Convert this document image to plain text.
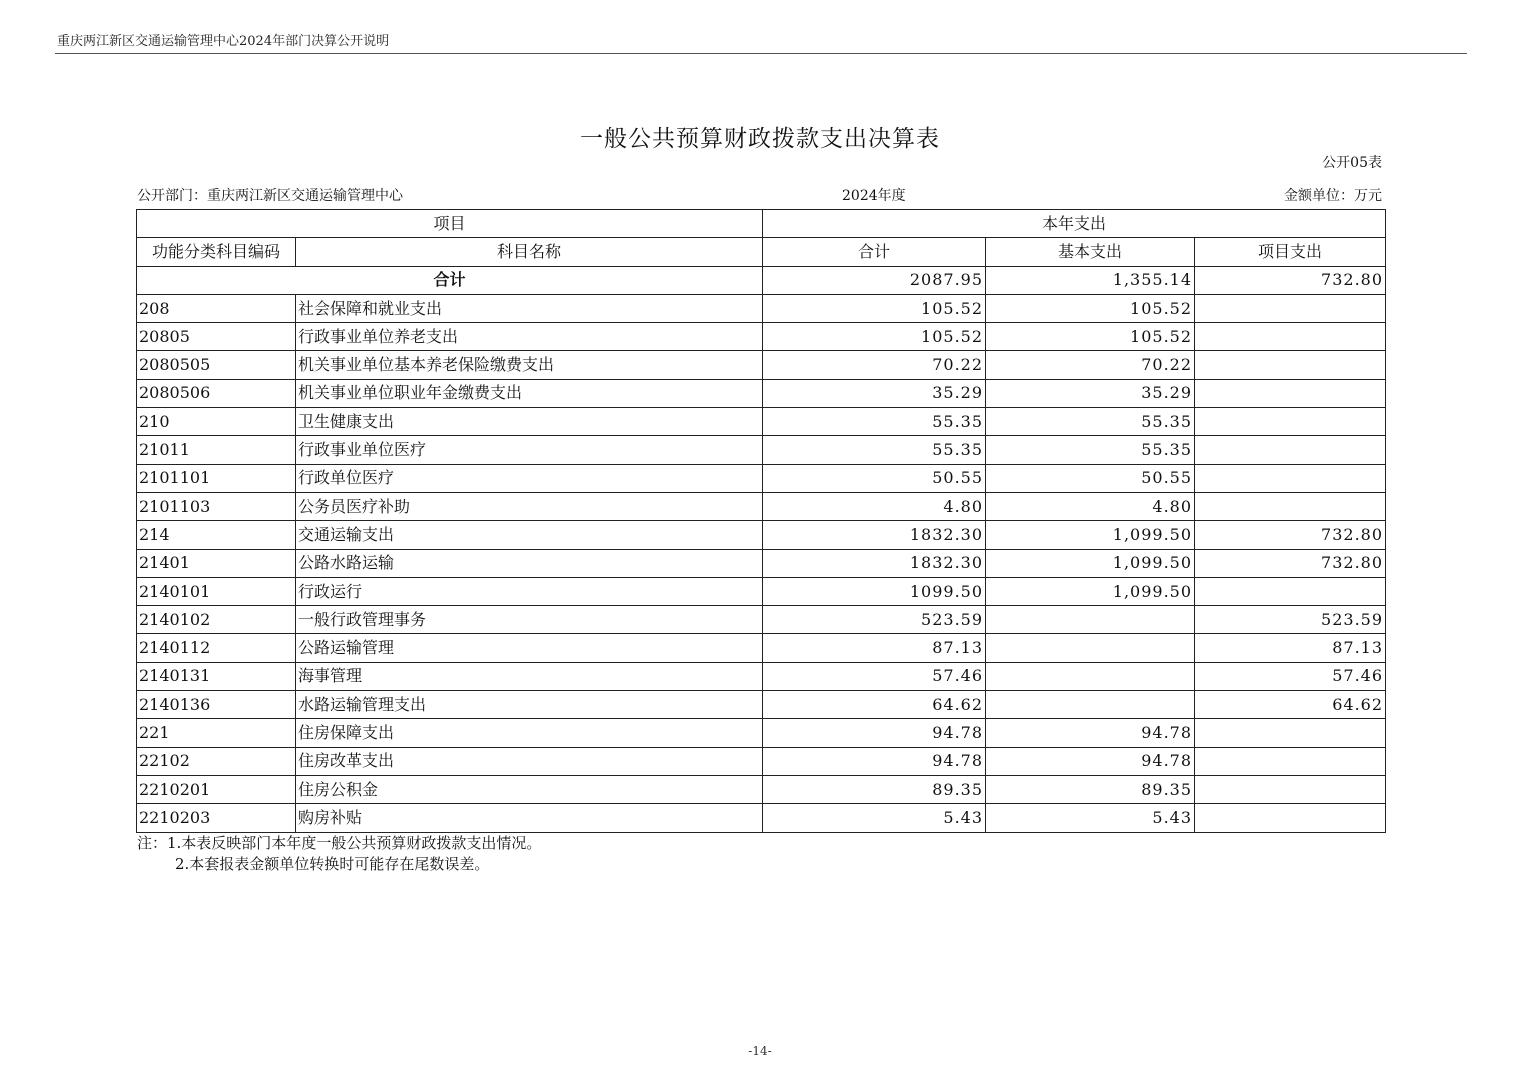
重庆两江新区交通运输管理中心2024年部门决算公开说明
一般公共预算财政拨款支出决算表
公开05表
公开部门：重庆两江新区交通运输管理中心	2024年度	金额单位：万元
项目		本年支出		
功能分类科目编码	科目名称	合计	基本支出	项目支出
合计		2087.95	1,355.14	732.80
208	社会保障和就业支出	105.52	105.52	
20805	行政事业单位养老支出	105.52	105.52	
2080505	机关事业单位基本养老保险缴费支出	70.22	70.22	
2080506	机关事业单位职业年金缴费支出	35.29	35.29	
210	卫生健康支出	55.35	55.35	
21011	行政事业单位医疗	55.35	55.35	
2101101	行政单位医疗	50.55	50.55	
2101103	公务员医疗补助	4.80	4.80	
214	交通运输支出	1832.30	1,099.50	732.80
21401	公路水路运输	1832.30	1,099.50	732.80
2140101	行政运行	1099.50	1,099.50	
2140102	一般行政管理事务	523.59		523.59
2140112	公路运输管理	87.13		87.13
2140131	海事管理	57.46		57.46
2140136	水路运输管理支出	64.62		64.62
221	住房保障支出	94.78	94.78	
22102	住房改革支出	94.78	94.78	
2210201	住房公积金	89.35	89.35	
2210203	购房补贴	5.43	5.43	
注：1.本表反映部门本年度一般公共预算财政拨款支出情况。
2.本套报表金额单位转换时可能存在尾数误差。
-14-
